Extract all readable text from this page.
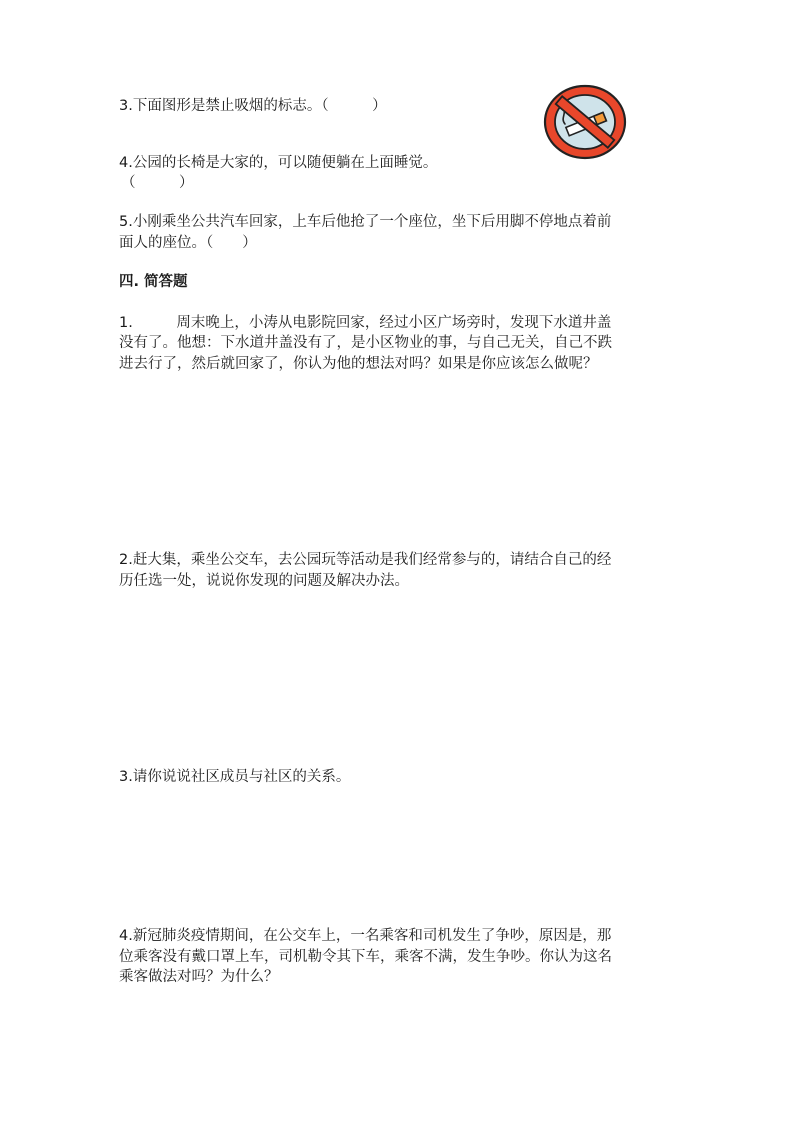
3.下面图形是禁止吸烟的标志。（　　　）
4.公园的长椅是大家的，可以随便躺在上面睡觉。
（　　　）
5.小刚乘坐公共汽车回家，上车后他抢了一个座位，坐下后用脚不停地点着前
面人的座位。（　　）
四. 简答题
1.　　　周末晚上，小涛从电影院回家，经过小区广场旁时，发现下水道井盖
没有了。他想：下水道井盖没有了，是小区物业的事，与自己无关，自己不跌
进去行了，然后就回家了，你认为他的想法对吗？如果是你应该怎么做呢？
2.赶大集，乘坐公交车，去公园玩等活动是我们经常参与的，请结合自己的经
历任选一处，说说你发现的问题及解决办法。
3.请你说说社区成员与社区的关系。
4.新冠肺炎疫情期间，在公交车上，一名乘客和司机发生了争吵，原因是，那
位乘客没有戴口罩上车，司机勒令其下车，乘客不满，发生争吵。你认为这名
乘客做法对吗？为什么？
